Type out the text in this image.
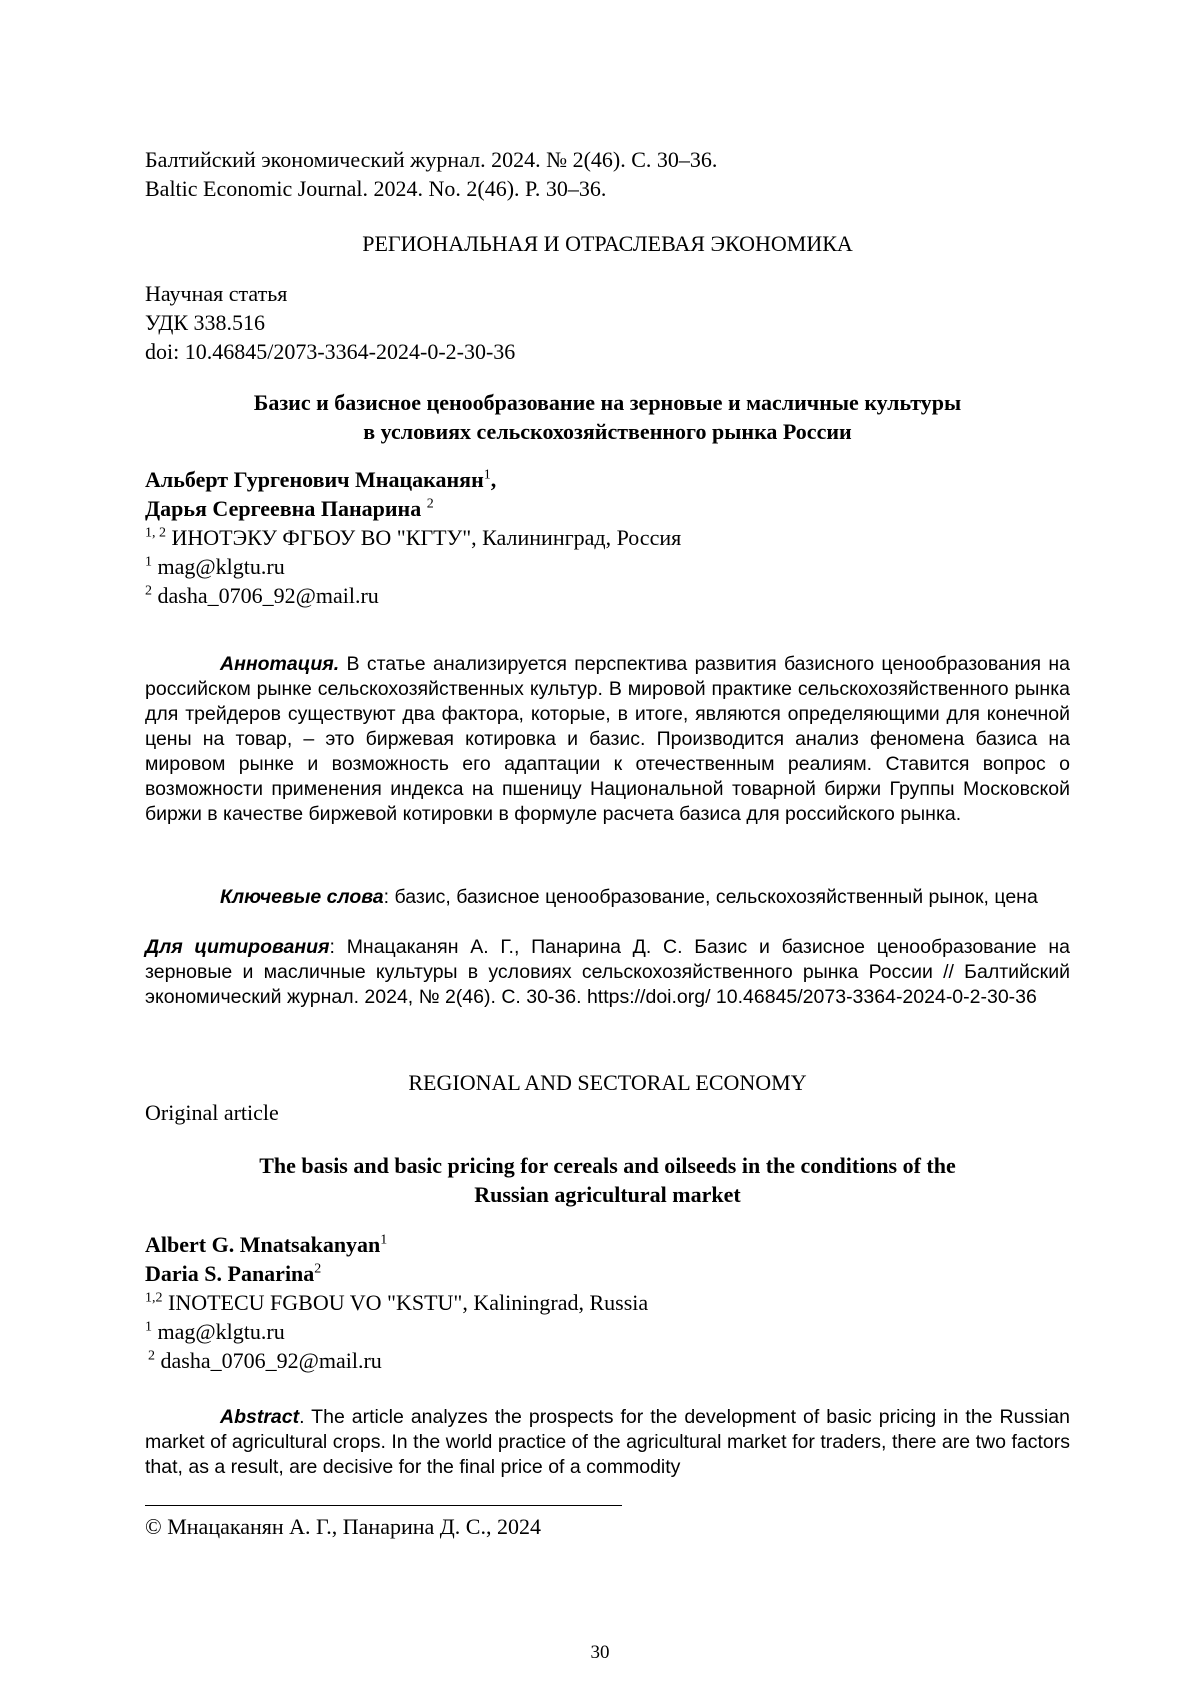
Балтийский экономический журнал. 2024. № 2(46). С. 30–36.
Baltic Economic Journal. 2024. No. 2(46). P. 30–36.
РЕГИОНАЛЬНАЯ И ОТРАСЛЕВАЯ ЭКОНОМИКА
Научная статья
УДК 338.516
doi: 10.46845/2073-3364-2024-0-2-30-36
Базис и базисное ценообразование на зерновые и масличные культуры
в условиях сельскохозяйственного рынка России
Альберт Гургенович Мнацаканян$^1$,
Дарья Сергеевна Панарина $^2$
$^{1, 2}$ ИНОТЭКУ ФГБОУ ВО "КГТУ", Калининград, Россия
$^1$ mag@klgtu.ru
$^2$ dasha_0706_92@mail.ru
Аннотация. В статье анализируется перспектива развития базисного ценообразования на российском рынке сельскохозяйственных культур. В мировой практике сельскохозяйственного рынка для трейдеров существуют два фактора, которые, в итоге, являются определяющими для конечной цены на товар, – это биржевая котировка и базис. Производится анализ феномена базиса на мировом рынке и возможность его адаптации к отечественным реалиям. Ставится вопрос о возможности применения индекса на пшеницу Национальной товарной биржи Группы Московской биржи в качестве биржевой котировки в формуле расчета базиса для российского рынка.
Ключевые слова: базис, базисное ценообразование, сельскохозяйственный рынок, цена
Для цитирования: Мнацаканян А. Г., Панарина Д. С. Базис и базисное ценообразование на зерновые и масличные культуры в условиях сельскохозяйственного рынка России // Балтийский экономический журнал. 2024, № 2(46). С. 30-36. https://doi.org/ 10.46845/2073-3364-2024-0-2-30-36
REGIONAL AND SECTORAL ECONOMY
Original article
The basis and basic pricing for cereals and oilseeds in the conditions of the
Russian agricultural market
Albert G. Mnatsakanyan$^1$
Daria S. Panarina$^2$
$^{1,2}$ INOTECU FGBOU VO "KSTU", Kaliningrad, Russia
$^1$ mag@klgtu.ru
$^2$ dasha_0706_92@mail.ru
Abstract. The article analyzes the prospects for the development of basic pricing in the Russian market of agricultural crops. In the world practice of the agricultural market for traders, there are two factors that, as a result, are decisive for the final price of a commodity
© Мнацаканян А. Г., Панарина Д. С., 2024
30
